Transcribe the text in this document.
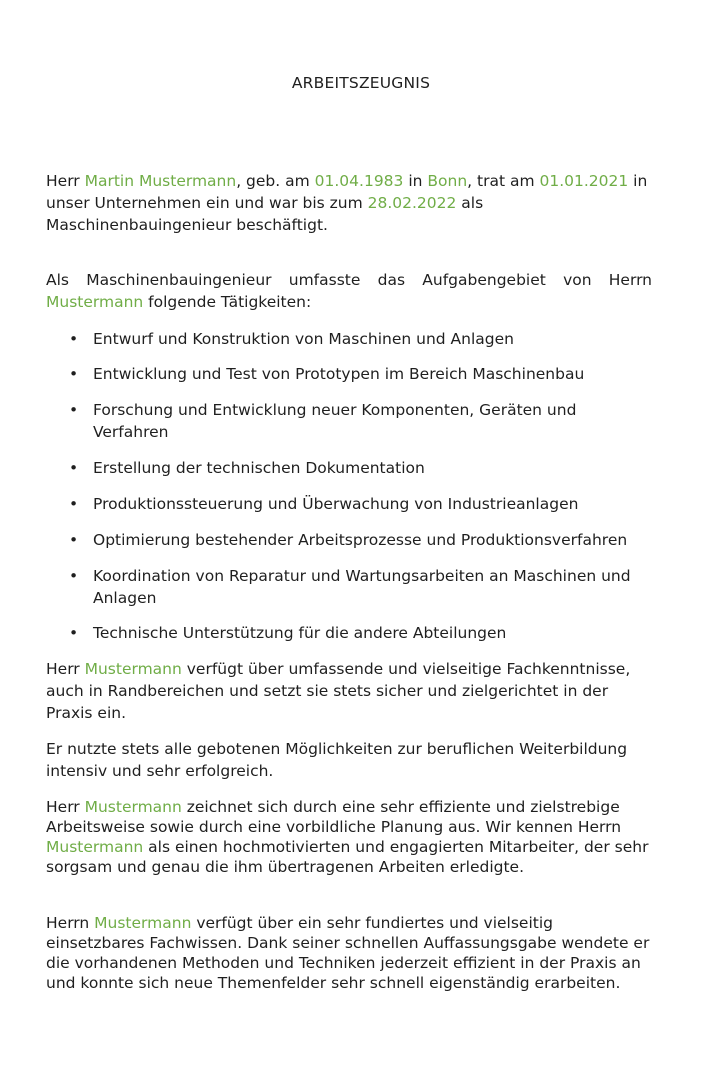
ARBEITSZEUGNIS

Herr Martin Mustermann, geb. am 01.04.1983 in Bonn, trat am 01.01.2021 in unser Unternehmen ein und war bis zum 28.02.2022 als Maschinenbauingenieur beschäftigt.

Als Maschinenbauingenieur umfasste das Aufgabengebiet von Herrn Mustermann folgende Tätigkeiten:

• Entwurf und Konstruktion von Maschinen und Anlagen
• Entwicklung und Test von Prototypen im Bereich Maschinenbau
• Forschung und Entwicklung neuer Komponenten, Geräten und Verfahren
• Erstellung der technischen Dokumentation
• Produktionssteuerung und Überwachung von Industrieanlagen
• Optimierung bestehender Arbeitsprozesse und Produktionsverfahren
• Koordination von Reparatur und Wartungsarbeiten an Maschinen und Anlagen
• Technische Unterstützung für die andere Abteilungen

Herr Mustermann verfügt über umfassende und vielseitige Fachkenntnisse, auch in Randbereichen und setzt sie stets sicher und zielgerichtet in der Praxis ein.

Er nutzte stets alle gebotenen Möglichkeiten zur beruflichen Weiterbildung intensiv und sehr erfolgreich.

Herr Mustermann zeichnet sich durch eine sehr effiziente und zielstrebige Arbeitsweise sowie durch eine vorbildliche Planung aus. Wir kennen Herrn Mustermann als einen hochmotivierten und engagierten Mitarbeiter, der sehr sorgsam und genau die ihm übertragenen Arbeiten erledigte.

Herrn Mustermann verfügt über ein sehr fundiertes und vielseitig einsetzbares Fachwissen. Dank seiner schnellen Auffassungsgabe wendete er die vorhandenen Methoden und Techniken jederzeit effizient in der Praxis an und konnte sich neue Themenfelder sehr schnell eigenständig erarbeiten.
